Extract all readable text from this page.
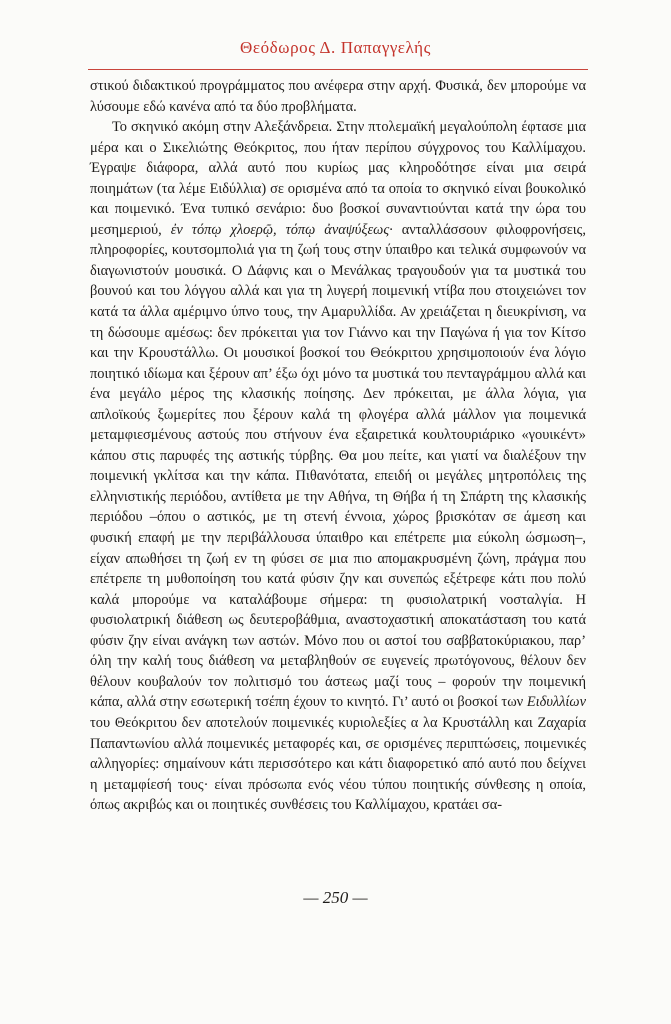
Θεόδωρος Δ. Παπαγγελής

στικού διδακτικού προγράμματος που ανέφερα στην αρχή. Φυσικά, δεν μπορούμε να λύσουμε εδώ κανένα από τα δύο προβλήματα.

Το σκηνικό ακόμη στην Αλεξάνδρεια. Στην πτολεμαϊκή μεγαλούπολη έφτασε μια μέρα και ο Σικελιώτης Θεόκριτος, που ήταν περίπου σύγχρονος του Καλλίμαχου. Έγραψε διάφορα, αλλά αυτό που κυρίως μας κληροδότησε είναι μια σειρά ποιημάτων (τα λέμε Ειδύλλια) σε ορισμένα από τα οποία το σκηνικό είναι βουκολικό και ποιμενικό. Ένα τυπικό σενάριο: δυο βοσκοί συναντιούνται κατά την ώρα του μεσημεριού, ἐν τόπῳ χλοερῷ, τόπῳ ἀναψύξεως· ανταλλάσσουν φιλοφρονήσεις, πληροφορίες, κουτσομπολιά για τη ζωή τους στην ύπαιθρο και τελικά συμφωνούν να διαγωνιστούν μουσικά. Ο Δάφνις και ο Μενάλκας τραγουδούν για τα μυστικά του βουνού και του λόγγου αλλά και για τη λυγερή ποιμενική ντίβα που στοιχειώνει τον κατά τα άλλα αμέριμνο ύπνο τους, την Αμαρυλλίδα. Αν χρειάζεται η διευκρίνιση, να τη δώσουμε αμέσως: δεν πρόκειται για τον Γιάννο και την Παγώνα ή για τον Κίτσο και την Κρουστάλλω. Οι μουσικοί βοσκοί του Θεόκριτου χρησιμοποιούν ένα λόγιο ποιητικό ιδίωμα και ξέρουν απ’ έξω όχι μόνο τα μυστικά του πενταγράμμου αλλά και ένα μεγάλο μέρος της κλασικής ποίησης. Δεν πρόκειται, με άλλα λόγια, για απλοϊκούς ξωμερίτες που ξέρουν καλά τη φλογέρα αλλά μάλλον για ποιμενικά μεταμφιεσμένους αστούς που στήνουν ένα εξαιρετικά κουλτουριάρικο «γουικέντ» κάπου στις παρυφές της αστικής τύρβης. Θα μου πείτε, και γιατί να διαλέξουν την ποιμενική γκλίτσα και την κάπα. Πιθανότατα, επειδή οι μεγάλες μητροπόλεις της ελληνιστικής περιόδου, αντίθετα με την Αθήνα, τη Θήβα ή τη Σπάρτη της κλασικής περιόδου –όπου ο αστικός, με τη στενή έννοια, χώρος βρισκόταν σε άμεση και φυσική επαφή με την περιβάλλουσα ύπαιθρο και επέτρεπε μια εύκολη ώσμωση–, είχαν απωθήσει τη ζωή εν τη φύσει σε μια πιο απομακρυσμένη ζώνη, πράγμα που επέτρεπε τη μυθοποίηση του κατά φύσιν ζην και συνεπώς εξέτρεφε κάτι που πολύ καλά μπορούμε να καταλάβουμε σήμερα: τη φυσιολατρική νοσταλγία. Η φυσιολατρική διάθεση ως δευτεροβάθμια, αναστοχαστική αποκατάσταση του κατά φύσιν ζην είναι ανάγκη των αστών. Μόνο που οι αστοί του σαββατοκύριακου, παρ’ όλη την καλή τους διάθεση να μεταβληθούν σε ευγενείς πρωτόγονους, θέλουν δεν θέλουν κουβαλούν τον πολιτισμό του άστεως μαζί τους – φορούν την ποιμενική κάπα, αλλά στην εσωτερική τσέπη έχουν το κινητό. Γι’ αυτό οι βοσκοί των Ειδυλλίων του Θεόκριτου δεν αποτελούν ποιμενικές κυριολεξίες α λα Κρυστάλλη και Ζαχαρία Παπαντωνίου αλλά ποιμενικές μεταφορές και, σε ορισμένες περιπτώσεις, ποιμενικές αλληγορίες: σημαίνουν κάτι περισσότερο και κάτι διαφορετικό από αυτό που δείχνει η μεταμφίεσή τους· είναι πρόσωπα ενός νέου τύπου ποιητικής σύνθεσης η οποία, όπως ακριβώς και οι ποιητικές συνθέσεις του Καλλίμαχου, κρατάει σα-

— 250 —
